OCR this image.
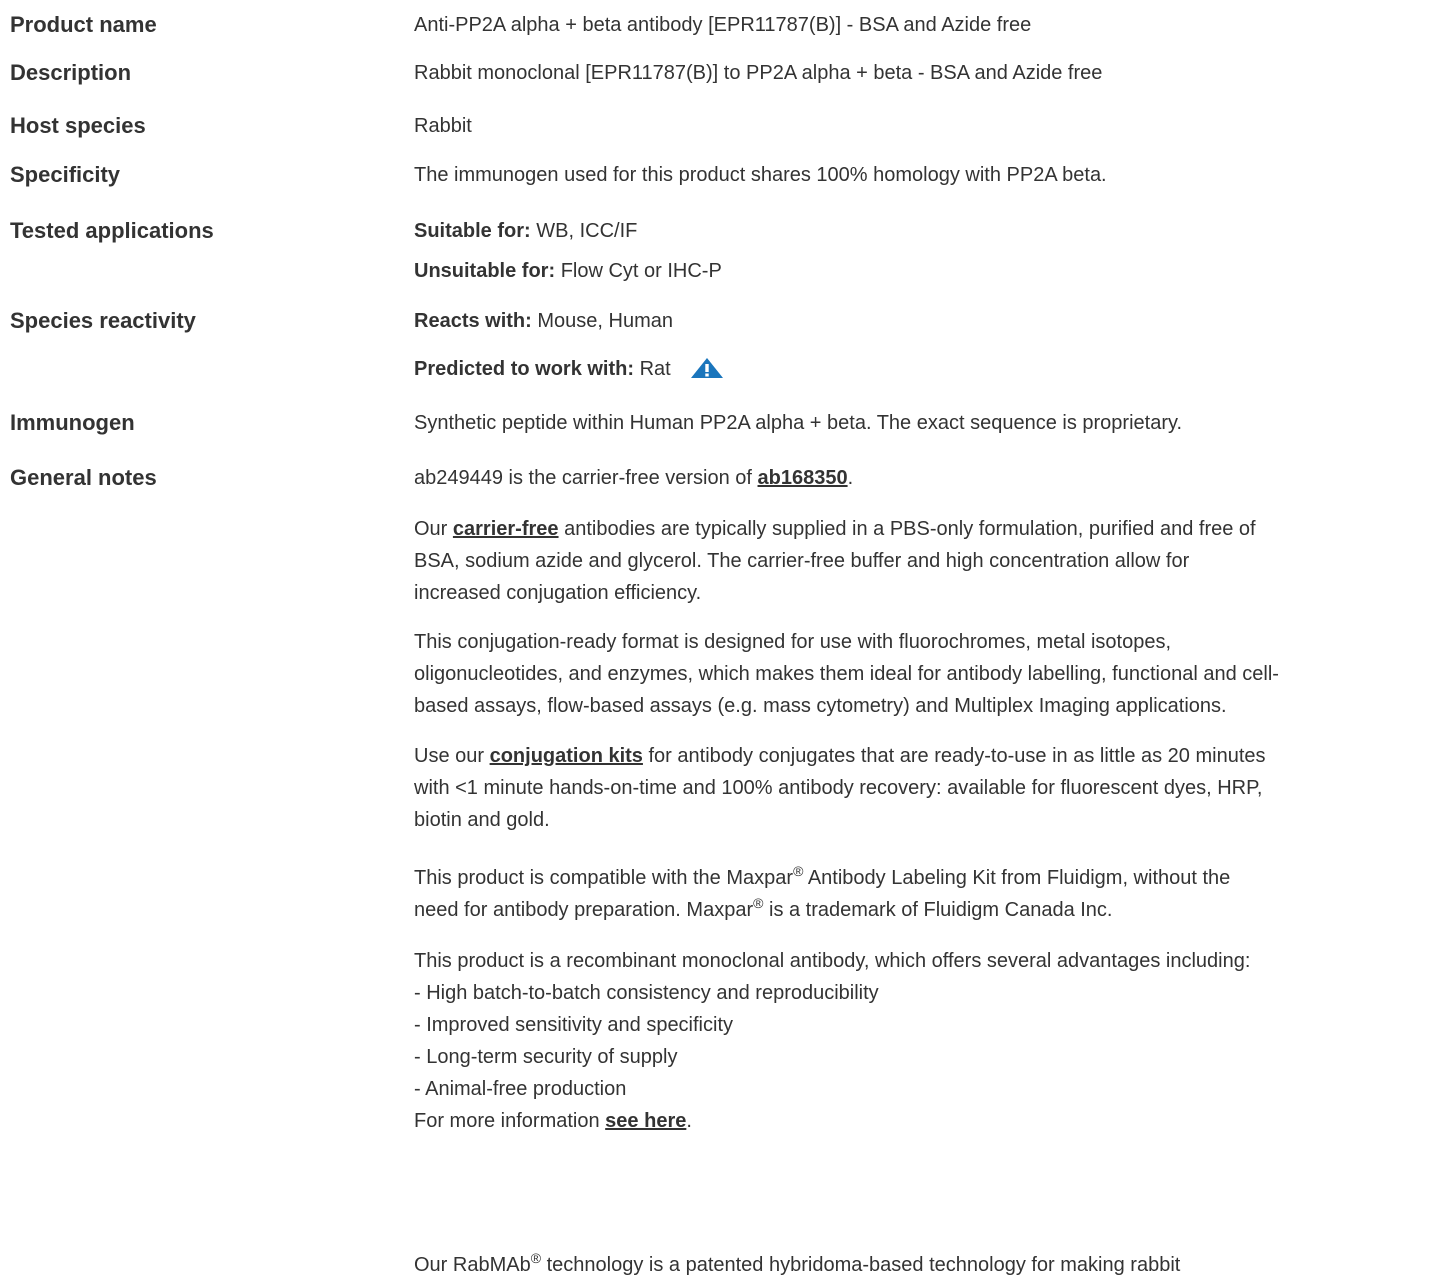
Product name	Anti-PP2A alpha + beta antibody [EPR11787(B)] - BSA and Azide free
Description	Rabbit monoclonal [EPR11787(B)] to PP2A alpha + beta - BSA and Azide free
Host species	Rabbit
Specificity	The immunogen used for this product shares 100% homology with PP2A beta.
Tested applications	Suitable for: WB, ICC/IF
Unsuitable for: Flow Cyt or IHC-P
Species reactivity	Reacts with: Mouse, Human
Predicted to work with: Rat
Immunogen	Synthetic peptide within Human PP2A alpha + beta. The exact sequence is proprietary.
General notes	ab249449 is the carrier-free version of ab168350.
Our carrier-free antibodies are typically supplied in a PBS-only formulation, purified and free of
BSA, sodium azide and glycerol. The carrier-free buffer and high concentration allow for
increased conjugation efficiency.
This conjugation-ready format is designed for use with fluorochromes, metal isotopes,
oligonucleotides, and enzymes, which makes them ideal for antibody labelling, functional and cell-
based assays, flow-based assays (e.g. mass cytometry) and Multiplex Imaging applications.
Use our conjugation kits for antibody conjugates that are ready-to-use in as little as 20 minutes
with <1 minute hands-on-time and 100% antibody recovery: available for fluorescent dyes, HRP,
biotin and gold.
This product is compatible with the Maxpar® Antibody Labeling Kit from Fluidigm, without the
need for antibody preparation. Maxpar® is a trademark of Fluidigm Canada Inc.
This product is a recombinant monoclonal antibody, which offers several advantages including:
- High batch-to-batch consistency and reproducibility
- Improved sensitivity and specificity
- Long-term security of supply
- Animal-free production
For more information see here.
Our RabMAb® technology is a patented hybridoma-based technology for making rabbit
